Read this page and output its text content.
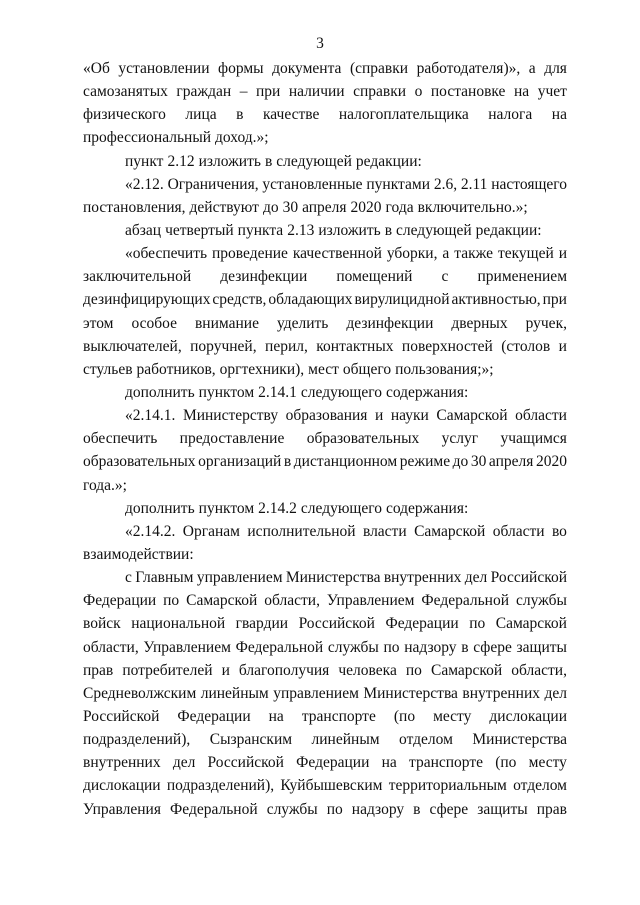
3
«Об установлении формы документа (справки работодателя)», а для
самозанятых граждан – при наличии справки о постановке на учет
физического лица в качестве налогоплательщика налога на
профессиональный доход.»;
пункт 2.12 изложить в следующей редакции:
«2.12. Ограничения, установленные пунктами 2.6, 2.11 настоящего
постановления, действуют до 30 апреля 2020 года включительно.»;
абзац четвертый пункта 2.13 изложить в следующей редакции:
«обеспечить проведение качественной уборки, а также текущей и
заключительной дезинфекции помещений с применением
дезинфицирующих средств, обладающих вирулицидной активностью, при
этом особое внимание уделить дезинфекции дверных ручек,
выключателей, поручней, перил, контактных поверхностей (столов и
стульев работников, оргтехники), мест общего пользования;»;
дополнить пунктом 2.14.1 следующего содержания:
«2.14.1. Министерству образования и науки Самарской области
обеспечить предоставление образовательных услуг учащимся
образовательных организаций в дистанционном режиме до 30 апреля 2020
года.»;
дополнить пунктом 2.14.2 следующего содержания:
«2.14.2. Органам исполнительной власти Самарской области во
взаимодействии:
с Главным управлением Министерства внутренних дел Российской
Федерации по Самарской области, Управлением Федеральной службы
войск национальной гвардии Российской Федерации по Самарской
области, Управлением Федеральной службы по надзору в сфере защиты
прав потребителей и благополучия человека по Самарской области,
Средневолжским линейным управлением Министерства внутренних дел
Российской Федерации на транспорте (по месту дислокации
подразделений), Сызранским линейным отделом Министерства
внутренних дел Российской Федерации на транспорте (по месту
дислокации подразделений), Куйбышевским территориальным отделом
Управления Федеральной службы по надзору в сфере защиты прав
